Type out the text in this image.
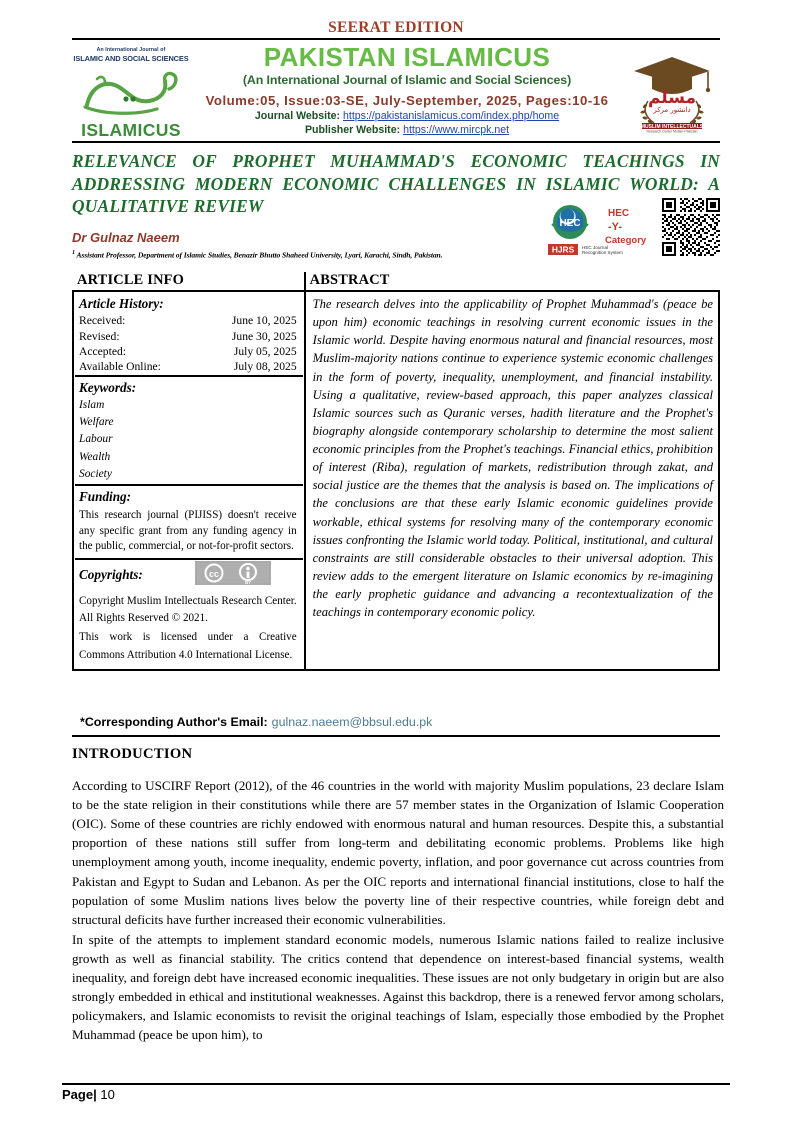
SEERAT EDITION
An International Journal of
ISLAMIC AND SOCIAL SCIENCES
ISLAMICUS
PAKISTAN ISLAMICUS
(An International Journal of Islamic and Social Sciences)
Volume:05, Issue:03-SE, July-September, 2025, Pages:10-16
Journal Website: https://pakistanislamicus.com/index.php/home
Publisher Website: https://www.mircpk.net
مسلم
دانشور مرکز
MUSLIM INTELLECTUALS
Research Center Multan-Pakistan
RELEVANCE OF PROPHET MUHAMMAD'S ECONOMIC TEACHINGS IN ADDRESSING MODERN ECONOMIC CHALLENGES IN ISLAMIC WORLD: A QUALITATIVE REVIEW
Dr Gulnaz Naeem
$^1$ Assistant Professor, Department of Islamic Studies, Benazir Bhutto Shaheed University, Lyari, Karachi, Sindh, Pakistan.
HEC
HEC
-Y-
Category
HJRS HEC Journal
Recognition System
ARTICLE INFO	ABSTRACT

Article History:
Received:	June 10, 2025
Revised:	June 30, 2025
Accepted:	July 05, 2025
Available Online:	July 08, 2025
Keywords:
Islam
Welfare
Labour
Wealth
Society
Funding:
This research journal (PIJISS) doesn't receive any specific grant from any funding agency in the public, commercial, or not-for-profit sectors.
Copyrights:	cc
BY
Copyright Muslim Intellectuals Research Center. All Rights Reserved © 2021.
This work is licensed under a Creative Commons Attribution 4.0 International License.

The research delves into the applicability of Prophet Muhammad's (peace be upon him) economic teachings in resolving current economic issues in the Islamic world. Despite having enormous natural and financial resources, most Muslim-majority nations continue to experience systemic economic challenges in the form of poverty, inequality, unemployment, and financial instability. Using a qualitative, review-based approach, this paper analyzes classical Islamic sources such as Quranic verses, hadith literature and the Prophet's biography alongside contemporary scholarship to determine the most salient economic principles from the Prophet's teachings. Financial ethics, prohibition of interest (Riba), regulation of markets, redistribution through zakat, and social justice are the themes that the analysis is based on. The implications of the conclusions are that these early Islamic economic guidelines provide workable, ethical systems for resolving many of the contemporary economic issues confronting the Islamic world today. Political, institutional, and cultural constraints are still considerable obstacles to their universal adoption. This review adds to the emergent literature on Islamic economics by re-imagining the early prophetic guidance and advancing a recontextualization of the teachings in contemporary economic policy.
*Corresponding Author's Email: gulnaz.naeem@bbsul.edu.pk
INTRODUCTION

According to USCIRF Report (2012), of the 46 countries in the world with majority Muslim populations, 23 declare Islam to be the state religion in their constitutions while there are 57 member states in the Organization of Islamic Cooperation (OIC). Some of these countries are richly endowed with enormous natural and human resources. Despite this, a substantial proportion of these nations still suffer from long-term and debilitating economic problems. Problems like high unemployment among youth, income inequality, endemic poverty, inflation, and poor governance cut across countries from Pakistan and Egypt to Sudan and Lebanon. As per the OIC reports and international financial institutions, close to half the population of some Muslim nations lives below the poverty line of their respective countries, while foreign debt and structural deficits have further increased their economic vulnerabilities.

In spite of the attempts to implement standard economic models, numerous Islamic nations failed to realize inclusive growth as well as financial stability. The critics contend that dependence on interest-based financial systems, wealth inequality, and foreign debt have increased economic inequalities. These issues are not only budgetary in origin but are also strongly embedded in ethical and institutional weaknesses. Against this backdrop, there is a renewed fervor among scholars, policymakers, and Islamic economists to revisit the original teachings of Islam, especially those embodied by the Prophet Muhammad (peace be upon him), to

Page| 10
